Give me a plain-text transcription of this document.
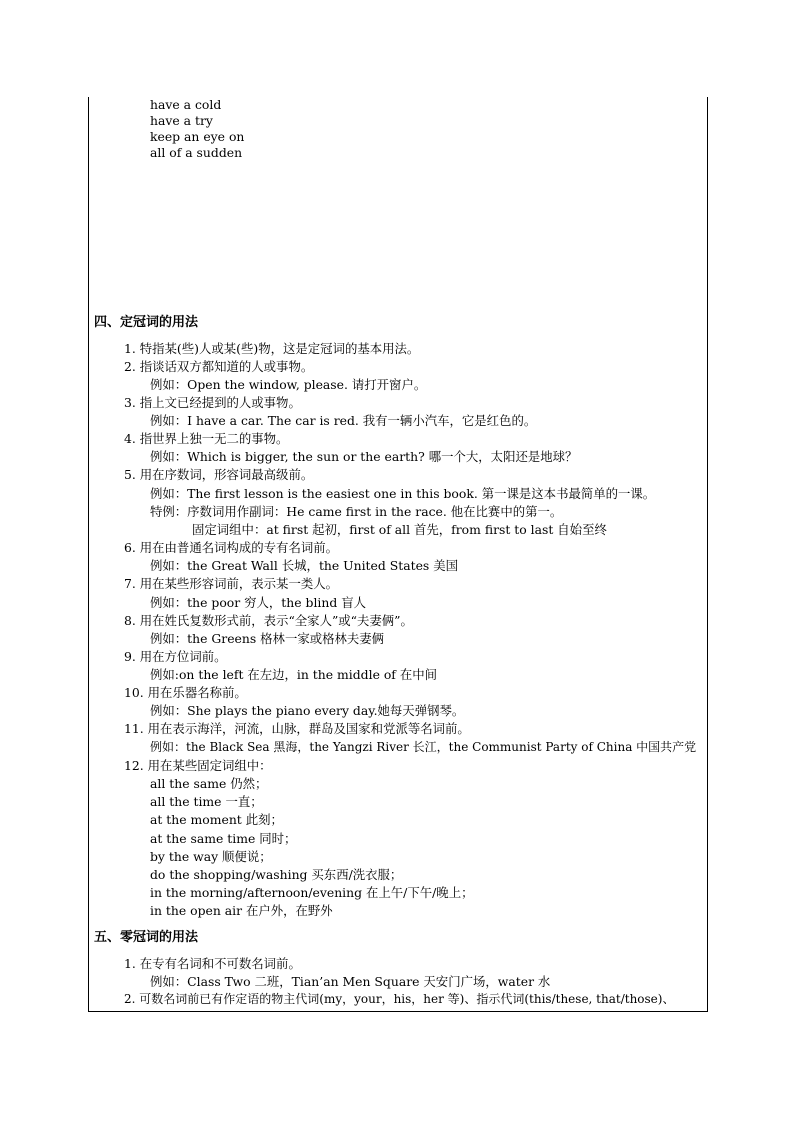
have a cold
have a try
keep an eye on
all of a sudden
四、定冠词的用法
1. 特指某(些)人或某(些)物，这是定冠词的基本用法。
2. 指谈话双方都知道的人或事物。
例如：Open the window, please. 请打开窗户。
3. 指上文已经提到的人或事物。
例如：I have a car. The car is red. 我有一辆小汽车，它是红色的。
4. 指世界上独一无二的事物。
例如：Which is bigger, the sun or the earth? 哪一个大，太阳还是地球？
5. 用在序数词，形容词最高级前。
例如：The first lesson is the easiest one in this book. 第一课是这本书最简单的一课。
特例：序数词用作副词：He came first in the race. 他在比赛中的第一。
固定词组中：at first 起初，first of all 首先，from first to last 自始至终
6. 用在由普通名词构成的专有名词前。
例如：the Great Wall 长城，the United States 美国
7. 用在某些形容词前，表示某一类人。
例如：the poor 穷人，the blind 盲人
8. 用在姓氏复数形式前，表示“全家人”或“夫妻俩”。
例如：the Greens 格林一家或格林夫妻俩
9. 用在方位词前。
例如:on the left 在左边，in the middle of 在中间
10. 用在乐器名称前。
例如：She plays the piano every day.她每天弹钢琴。
11. 用在表示海洋，河流，山脉，群岛及国家和党派等名词前。
例如：the Black Sea 黑海，the Yangzi River 长江，the Communist Party of China 中国共产党
12. 用在某些固定词组中：
all the same 仍然；
all the time 一直；
at the moment 此刻；
at the same time 同时；
by the way 顺便说；
do the shopping/washing 买东西/洗衣服；
in the morning/afternoon/evening 在上午/下午/晚上；
in the open air 在户外，在野外
五、零冠词的用法
1. 在专有名词和不可数名词前。
例如：Class Two 二班，Tian’an Men Square 天安门广场，water 水
2. 可数名词前已有作定语的物主代词(my，your，his，her 等)、指示代词(this/these, that/those)、
